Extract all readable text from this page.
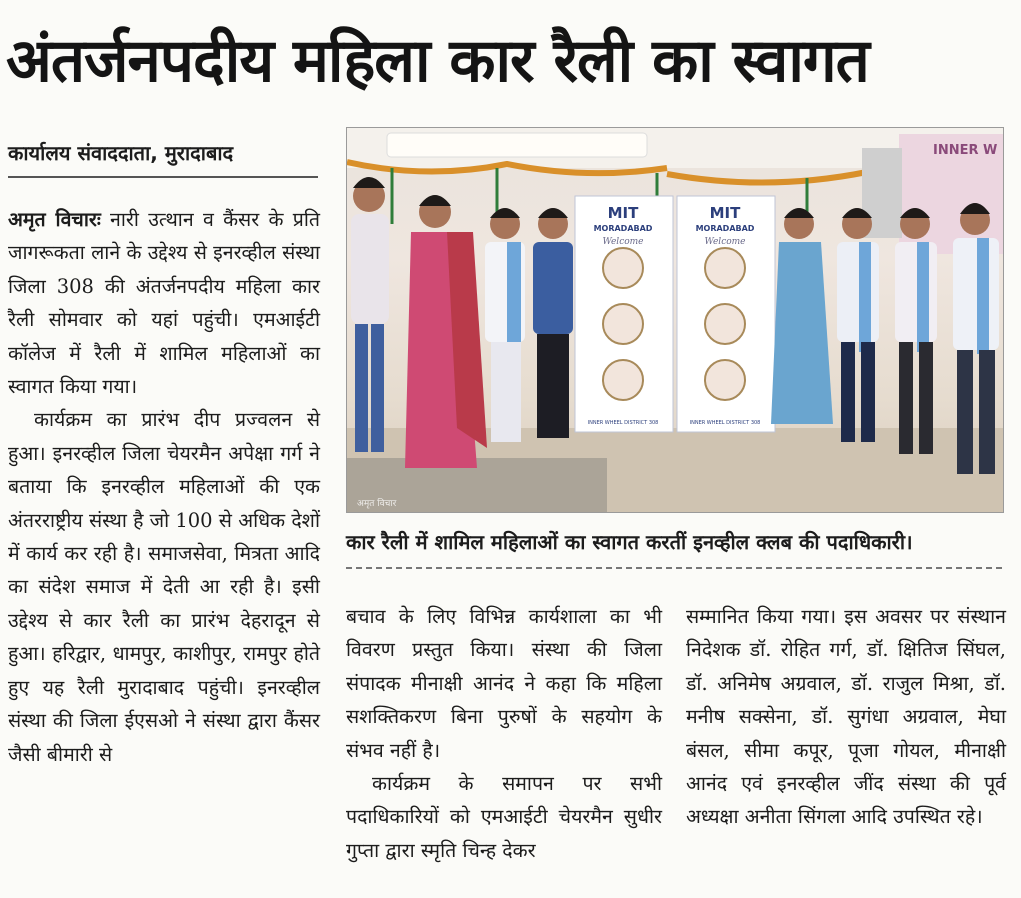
अंतर्जनपदीय महिला कार रैली का स्वागत
कार्यालय संवाददाता, मुरादाबाद

अमृत विचारः नारी उत्थान व कैंसर के प्रति जागरूकता लाने के उद्देश्य से इनरव्हील संस्था जिला 308 की अंतर्जनपदीय महिला कार रैली सोमवार को यहां पहुंची। एमआईटी कॉलेज में रैली में शामिल महिलाओं का स्वागत किया गया।

कार्यक्रम का प्रारंभ दीप प्रज्वलन से हुआ। इनरव्हील जिला चेयरमैन अपेक्षा गर्ग ने बताया कि इनरव्हील महिलाओं की एक अंतरराष्ट्रीय संस्था है जो 100 से अधिक देशों में कार्य कर रही है। समाजसेवा, मित्रता आदि का संदेश समाज में देती आ रही है। इसी उद्देश्य से कार रैली का प्रारंभ देहरादून से हुआ। हरिद्वार, धामपुर, काशीपुर, रामपुर होते हुए यह रैली मुरादाबाद पहुंची। इनरव्हील संस्था की जिला ईएसओ ने संस्था द्वारा कैंसर जैसी बीमारी से

INNER W
MIT
MORADABAD
Welcome
INNER WHEEL DISTRICT 308
MIT
MORADABAD
Welcome
INNER WHEEL DISTRICT 308
अमृत विचार
कार रैली में शामिल महिलाओं का स्वागत करतीं इनव्हील क्लब की पदाधिकारी।

बचाव के लिए विभिन्न कार्यशाला का भी विवरण प्रस्तुत किया। संस्था की जिला संपादक मीनाक्षी आनंद ने कहा कि महिला सशक्तिकरण बिना पुरुषों के सहयोग के संभव नहीं है।

कार्यक्रम के समापन पर सभी पदाधिकारियों को एमआईटी चेयरमैन सुधीर गुप्ता द्वारा स्मृति चिन्ह देकर

सम्मानित किया गया। इस अवसर पर संस्थान निदेशक डॉ. रोहित गर्ग, डॉ. क्षितिज सिंघल, डॉ. अनिमेष अग्रवाल, डॉ. राजुल मिश्रा, डॉ. मनीष सक्सेना, डॉ. सुगंधा अग्रवाल, मेघा बंसल, सीमा कपूर, पूजा गोयल, मीनाक्षी आनंद एवं इनरव्हील जींद संस्था की पूर्व अध्यक्षा अनीता सिंगला आदि उपस्थित रहे।
